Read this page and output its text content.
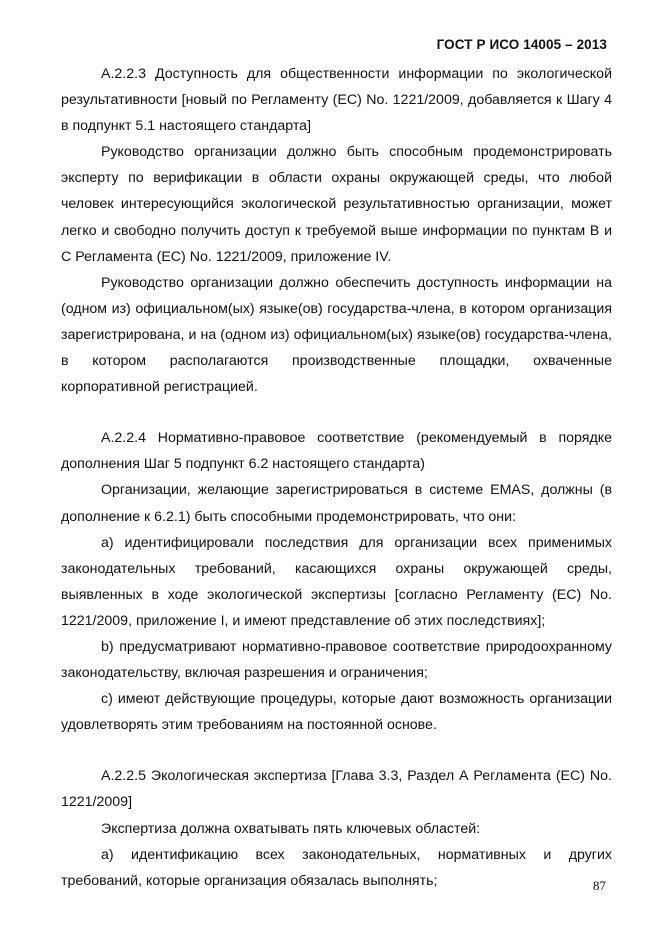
ГОСТ Р ИСО 14005 – 2013

А.2.2.3 Доступность для общественности информации по экологической результативности [новый по Регламенту (ЕС) No. 1221/2009, добавляется к Шагу 4 в подпункт 5.1 настоящего стандарта]

Руководство организации должно быть способным продемонстрировать эксперту по верификации в области охраны окружающей среды, что любой человек интересующийся экологической результативностью организации, может легко и свободно получить доступ к требуемой выше информации по пунктам В и С Регламента (ЕС) No. 1221/2009, приложение IV.

Руководство организации должно обеспечить доступность информации на (одном из) официальном(ых) языке(ов) государства-члена, в котором организация зарегистрирована, и на (одном из) официальном(ых) языке(ов) государства-члена, в котором располагаются производственные площадки, охваченные корпоративной регистрацией.

А.2.2.4 Нормативно-правовое соответствие (рекомендуемый в порядке дополнения Шаг 5 подпункт 6.2 настоящего стандарта)

Организации, желающие зарегистрироваться в системе EMAS, должны (в дополнение к 6.2.1) быть способными продемонстрировать, что они:

а) идентифицировали последствия для организации всех применимых законодательных требований, касающихся охраны окружающей среды, выявленных в ходе экологической экспертизы [согласно Регламенту (ЕС) No. 1221/2009, приложение I, и имеют представление об этих последствиях];

b) предусматривают нормативно-правовое соответствие природоохранному законодательству, включая разрешения и ограничения;

с) имеют действующие процедуры, которые дают возможность организации удовлетворять этим требованиям на постоянной основе.

А.2.2.5 Экологическая экспертиза [Глава 3.3, Раздел А Регламента (ЕС) No. 1221/2009]

Экспертиза должна охватывать пять ключевых областей:

а) идентификацию всех законодательных, нормативных и других требований, которые организация обязалась выполнять;	87
